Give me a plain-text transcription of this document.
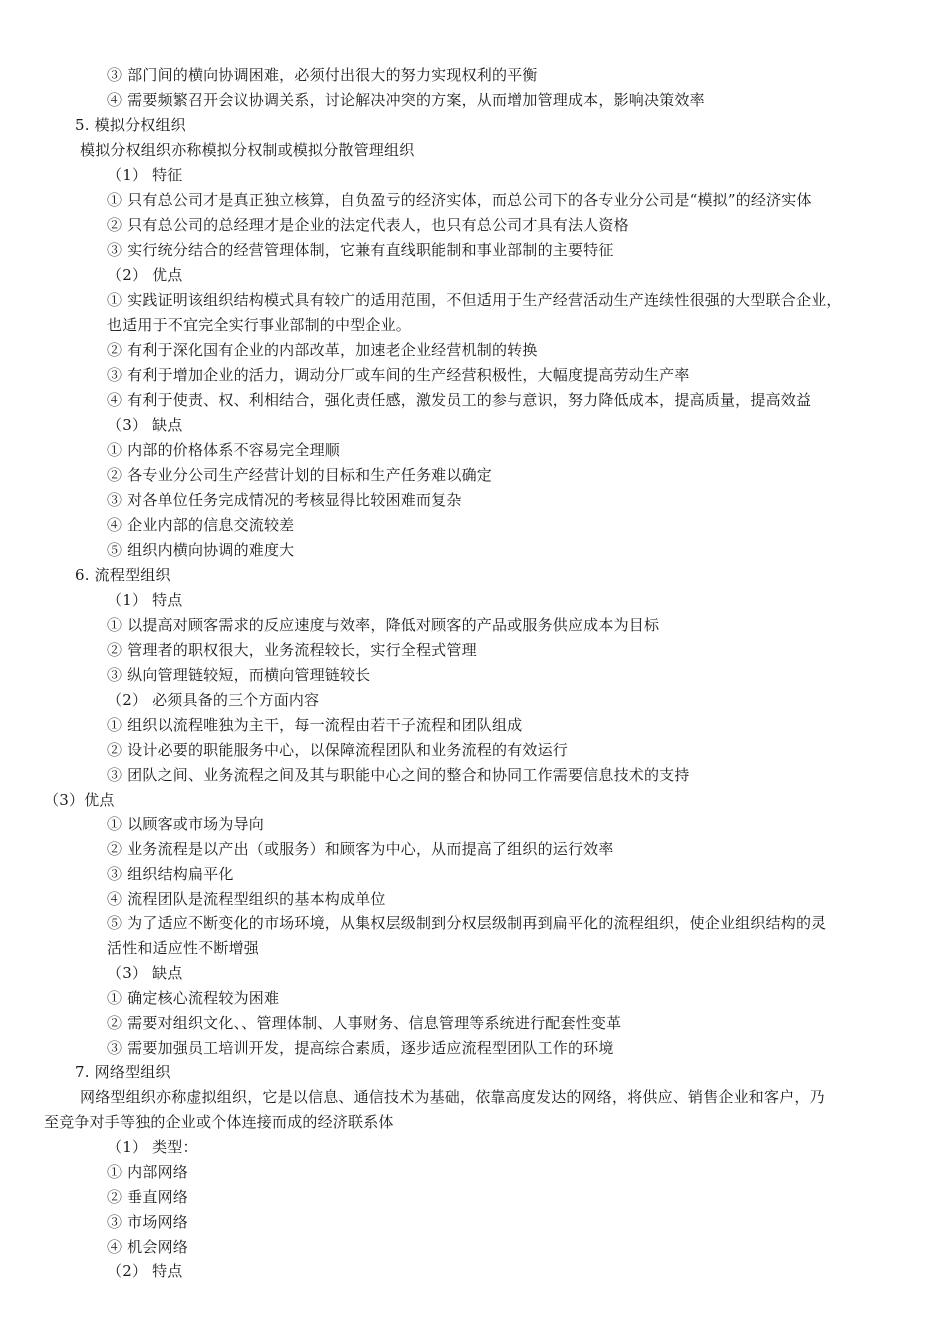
③ 部门间的横向协调困难，必须付出很大的努力实现权利的平衡
④ 需要频繁召开会议协调关系，讨论解决冲突的方案，从而增加管理成本，影响决策效率
5. 模拟分权组织
模拟分权组织亦称模拟分权制或模拟分散管理组织
（1） 特征
① 只有总公司才是真正独立核算，自负盈亏的经济实体，而总公司下的各专业分公司是“模拟”的经济实体
② 只有总公司的总经理才是企业的法定代表人，也只有总公司才具有法人资格
③ 实行统分结合的经营管理体制，它兼有直线职能制和事业部制的主要特征
（2） 优点
① 实践证明该组织结构模式具有较广的适用范围，不但适用于生产经营活动生产连续性很强的大型联合企业，
也适用于不宜完全实行事业部制的中型企业。
② 有利于深化国有企业的内部改革，加速老企业经营机制的转换
③ 有利于增加企业的活力，调动分厂或车间的生产经营积极性，大幅度提高劳动生产率
④ 有利于使责、权、利相结合，强化责任感，激发员工的参与意识，努力降低成本，提高质量，提高效益
（3） 缺点
① 内部的价格体系不容易完全理顺
② 各专业分公司生产经营计划的目标和生产任务难以确定
③ 对各单位任务完成情况的考核显得比较困难而复杂
④ 企业内部的信息交流较差
⑤ 组织内横向协调的难度大
6. 流程型组织
（1） 特点
① 以提高对顾客需求的反应速度与效率，降低对顾客的产品或服务供应成本为目标
② 管理者的职权很大，业务流程较长，实行全程式管理
③ 纵向管理链较短，而横向管理链较长
（2） 必须具备的三个方面内容
① 组织以流程唯独为主干，每一流程由若干子流程和团队组成
② 设计必要的职能服务中心，以保障流程团队和业务流程的有效运行
③ 团队之间、业务流程之间及其与职能中心之间的整合和协同工作需要信息技术的支持
（3）优点
① 以顾客或市场为导向
② 业务流程是以产出（或服务）和顾客为中心，从而提高了组织的运行效率
③ 组织结构扁平化
④ 流程团队是流程型组织的基本构成单位
⑤ 为了适应不断变化的市场环境，从集权层级制到分权层级制再到扁平化的流程组织，使企业组织结构的灵
活性和适应性不断增强
（3） 缺点
① 确定核心流程较为困难
② 需要对组织文化、、管理体制、人事财务、信息管理等系统进行配套性变革
③ 需要加强员工培训开发，提高综合素质，逐步适应流程型团队工作的环境
7. 网络型组织
网络型组织亦称虚拟组织，它是以信息、通信技术为基础，依靠高度发达的网络，将供应、销售企业和客户，乃
至竞争对手等独的企业或个体连接而成的经济联系体
（1） 类型：
① 内部网络
② 垂直网络
③ 市场网络
④ 机会网络
（2） 特点
